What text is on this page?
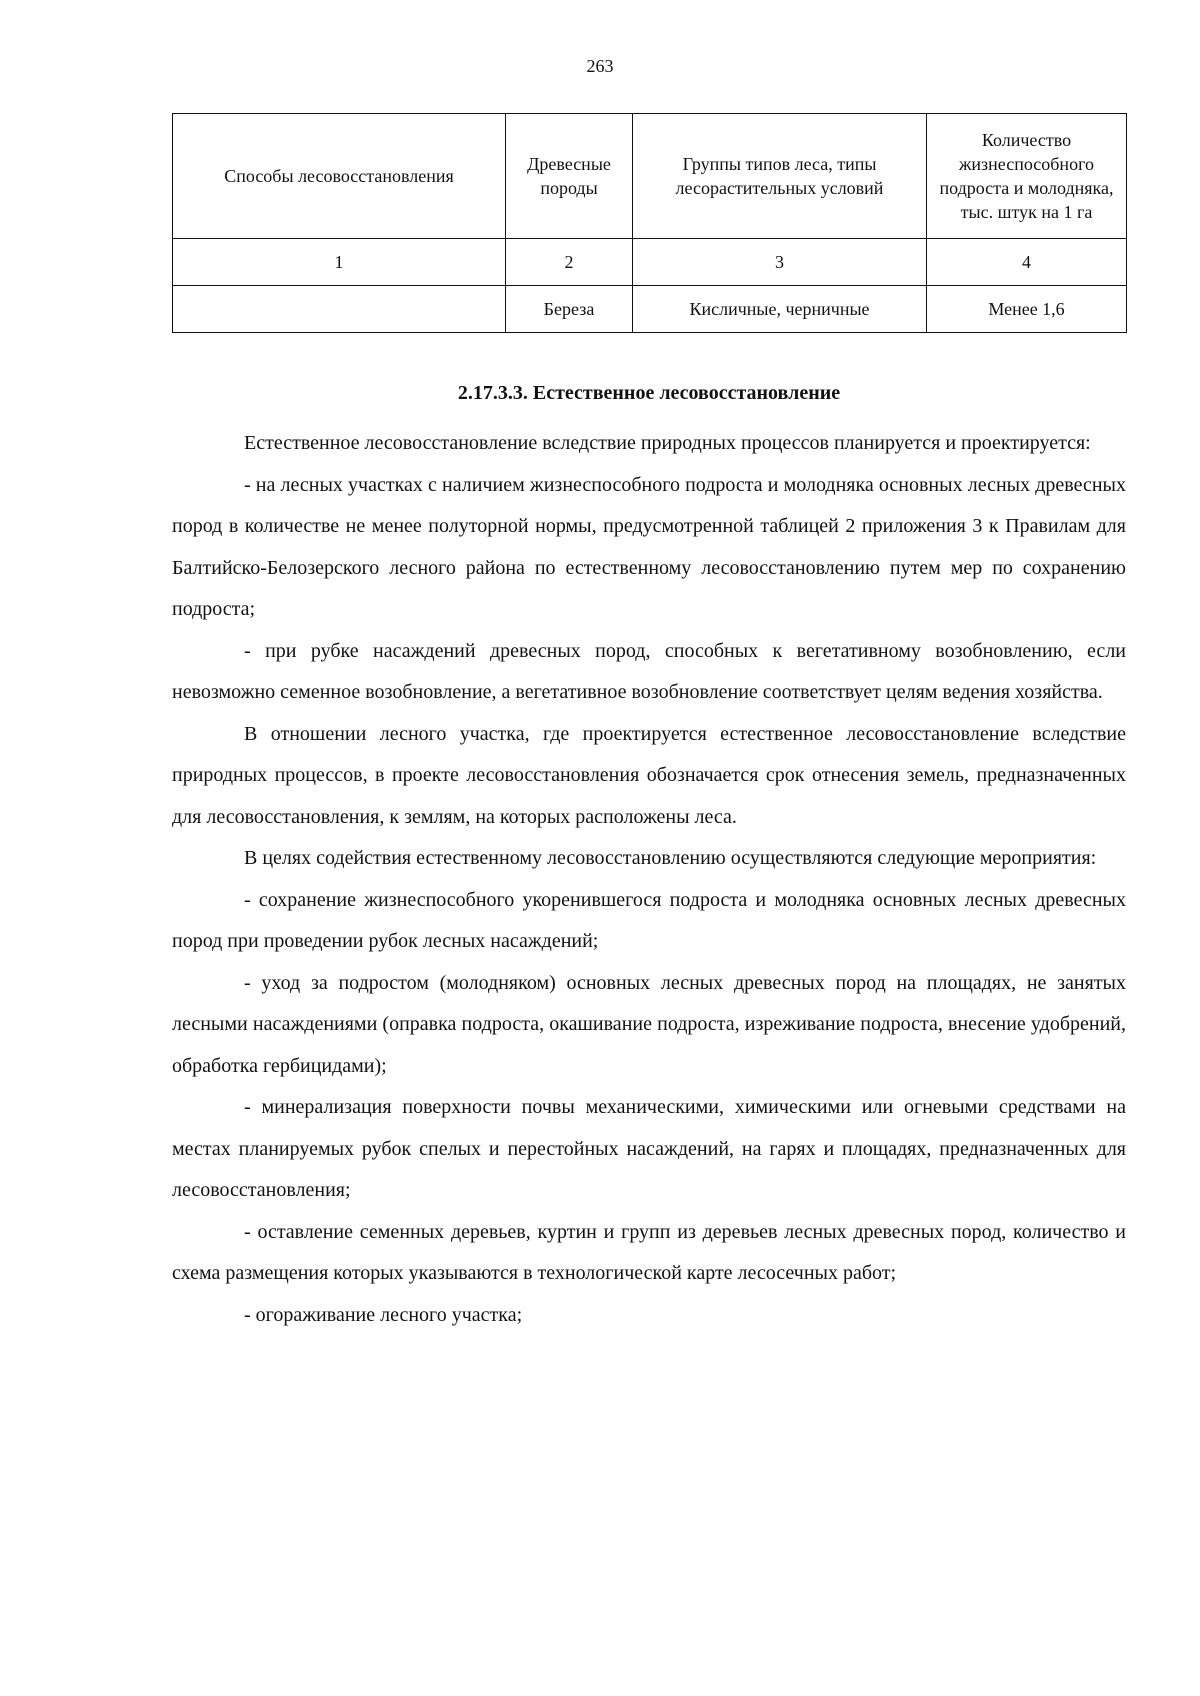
263
Способы лесовосстановления	Древесные породы	Группы типов леса, типы лесорастительных условий	Количество жизнеспособного подроста и молодняка, тыс. штук на 1 га
1	2	3	4
	Береза	Кисличные, черничные	Менее 1,6
2.17.3.3. Естественное лесовосстановление

Естественное лесовосстановление вследствие природных процессов планируется и проектируется:

- на лесных участках с наличием жизнеспособного подроста и молодняка основных лесных древесных пород в количестве не менее полуторной нормы, предусмотренной таблицей 2 приложения 3 к Правилам для Балтийско-Белозерского лесного района по естественному лесовосстановлению путем мер по сохранению подроста;

- при рубке насаждений древесных пород, способных к вегетативному возобновлению, если невозможно семенное возобновление, а вегетативное возобновление соответствует целям ведения хозяйства.

В отношении лесного участка, где проектируется естественное лесовосстановление вследствие природных процессов, в проекте лесовосстановления обозначается срок отнесения земель, предназначенных для лесовосстановления, к землям, на которых расположены леса.

В целях содействия естественному лесовосстановлению осуществляются следующие мероприятия:

- сохранение жизнеспособного укоренившегося подроста и молодняка основных лесных древесных пород при проведении рубок лесных насаждений;

- уход за подростом (молодняком) основных лесных древесных пород на площадях, не занятых лесными насаждениями (оправка подроста, окашивание подроста, изреживание подроста, внесение удобрений, обработка гербицидами);

- минерализация поверхности почвы механическими, химическими или огневыми средствами на местах планируемых рубок спелых и перестойных насаждений, на гарях и площадях, предназначенных для лесовосстановления;

- оставление семенных деревьев, куртин и групп из деревьев лесных древесных пород, количество и схема размещения которых указываются в технологической карте лесосечных работ;

- огораживание лесного участка;
